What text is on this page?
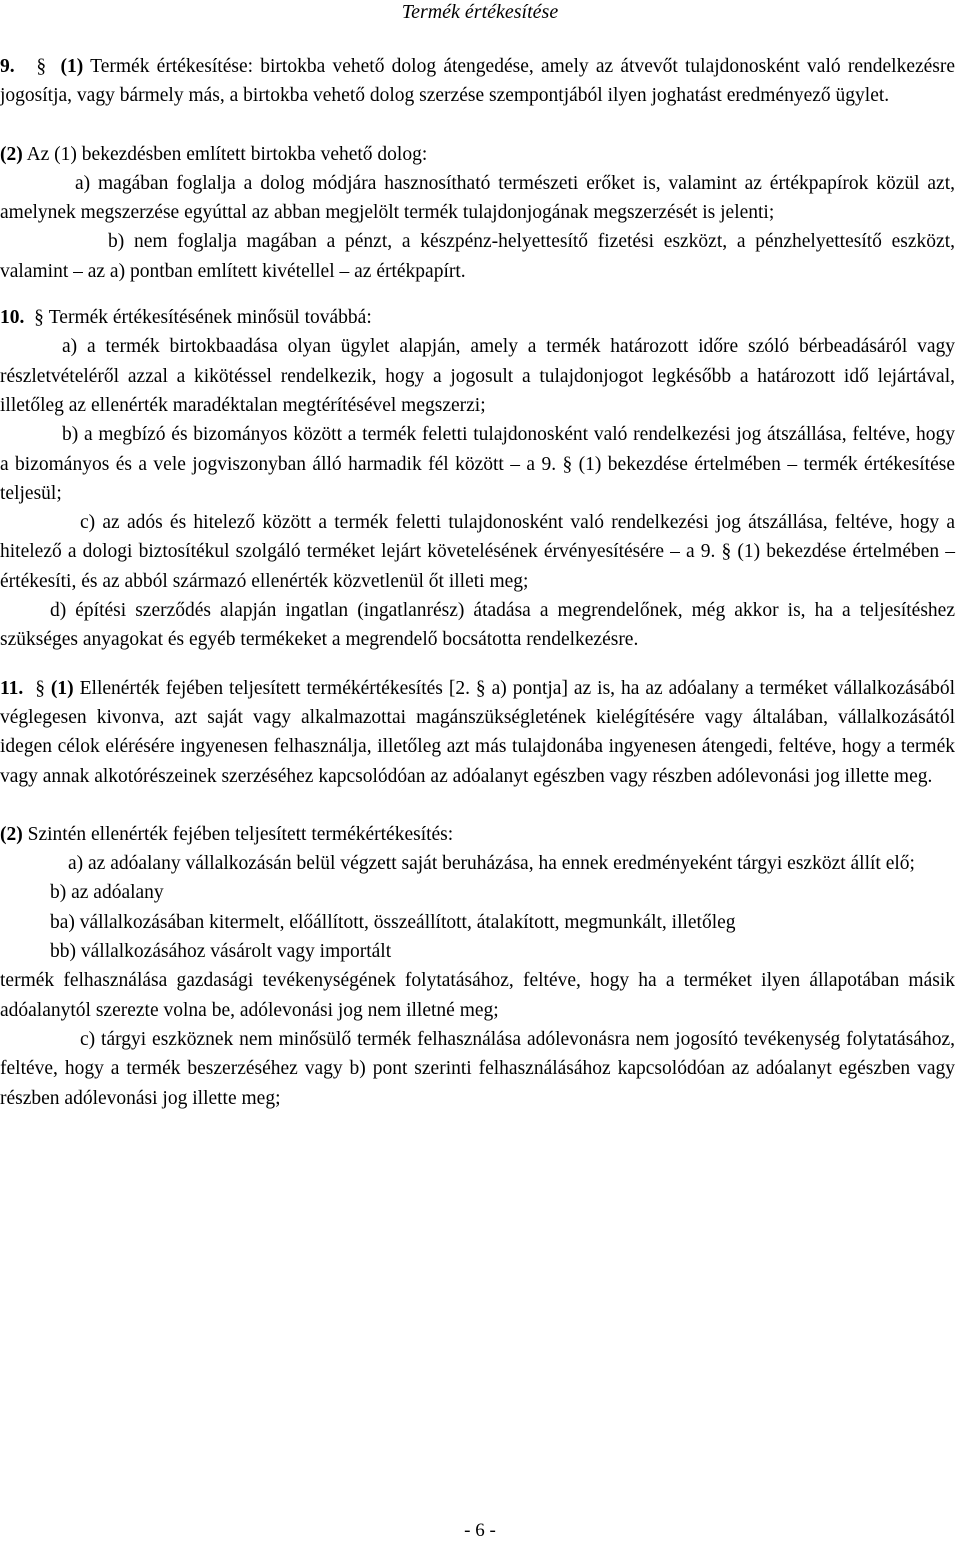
Termék értékesítése

9.   §  (1) Termék értékesítése: birtokba vehető dolog átengedése, amely az átvevőt tulajdonosként való rendelkezésre jogosítja, vagy bármely más, a birtokba vehető dolog szerzése szempontjából ilyen joghatást eredményező ügylet.

(2) Az (1) bekezdésben említett birtokba vehető dolog:

a) magában foglalja a dolog módjára hasznosítható természeti erőket is, valamint az értékpapírok közül azt, amelynek megszerzése egyúttal az abban megjelölt termék tulajdonjogának megszerzését is jelenti;

b) nem foglalja magában a pénzt, a készpénz-helyettesítő fizetési eszközt, a pénzhelyettesítő eszközt, valamint – az a) pontban említett kivétellel – az értékpapírt.

10.  § Termék értékesítésének minősül továbbá:

a) a termék birtokbaadása olyan ügylet alapján, amely a termék határozott időre szóló bérbeadásáról vagy részletvételéről azzal a kikötéssel rendelkezik, hogy a jogosult a tulajdonjogot legkésőbb a határozott idő lejártával, illetőleg az ellenérték maradéktalan megtérítésével megszerzi;

b) a megbízó és bizományos között a termék feletti tulajdonosként való rendelkezési jog átszállása, feltéve, hogy a bizományos és a vele jogviszonyban álló harmadik fél között – a 9. § (1) bekezdése értelmében – termék értékesítése teljesül;

c) az adós és hitelező között a termék feletti tulajdonosként való rendelkezési jog átszállása, feltéve, hogy a hitelező a dologi biztosítékul szolgáló terméket lejárt követelésének érvényesítésére – a 9. § (1) bekezdése értelmében – értékesíti, és az abból származó ellenérték közvetlenül őt illeti meg;

d) építési szerződés alapján ingatlan (ingatlanrész) átadása a megrendelőnek, még akkor is, ha a teljesítéshez szükséges anyagokat és egyéb termékeket a megrendelő bocsátotta rendelkezésre.

11.  § (1) Ellenérték fejében teljesített termékértékesítés [2. § a) pontja] az is, ha az adóalany a terméket vállalkozásából véglegesen kivonva, azt saját vagy alkalmazottai magánszükségletének kielégítésére vagy általában, vállalkozásától idegen célok elérésére ingyenesen felhasználja, illetőleg azt más tulajdonába ingyenesen átengedi, feltéve, hogy a termék vagy annak alkotórészeinek szerzéséhez kapcsolódóan az adóalanyt egészben vagy részben adólevonási jog illette meg.

(2) Szintén ellenérték fejében teljesített termékértékesítés:

a) az adóalany vállalkozásán belül végzett saját beruházása, ha ennek eredményeként tárgyi eszközt állít elő;

b) az adóalany

ba) vállalkozásában kitermelt, előállított, összeállított, átalakított, megmunkált, illetőleg

bb) vállalkozásához vásárolt vagy importált

termék felhasználása gazdasági tevékenységének folytatásához, feltéve, hogy ha a terméket ilyen állapotában másik adóalanytól szerezte volna be, adólevonási jog nem illetné meg;

c) tárgyi eszköznek nem minősülő termék felhasználása adólevonásra nem jogosító tevékenység folytatásához, feltéve, hogy a termék beszerzéséhez vagy b) pont szerinti felhasználásához kapcsolódóan az adóalanyt egészben vagy részben adólevonási jog illette meg;

- 6 -
